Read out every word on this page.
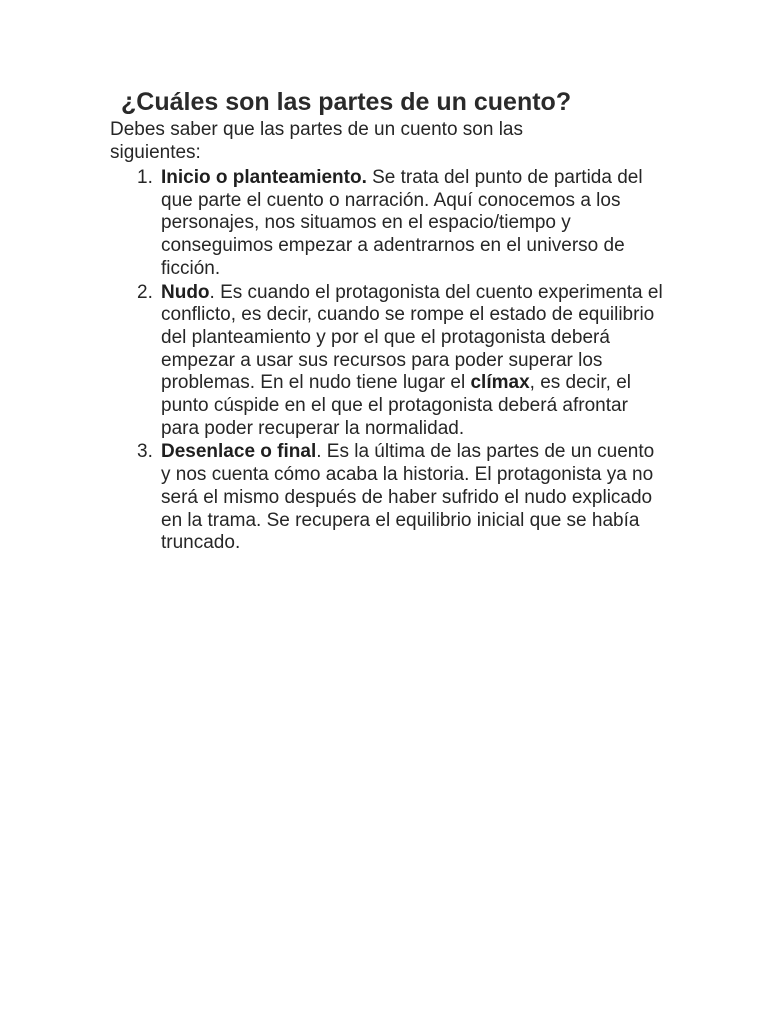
¿Cuáles son las partes de un cuento?

Debes saber que las partes de un cuento son las siguientes:

1. Inicio o planteamiento. Se trata del punto de partida del que parte el cuento o narración. Aquí conocemos a los personajes, nos situamos en el espacio/tiempo y conseguimos empezar a adentrarnos en el universo de ficción.
2. Nudo. Es cuando el protagonista del cuento experimenta el conflicto, es decir, cuando se rompe el estado de equilibrio del planteamiento y por el que el protagonista deberá empezar a usar sus recursos para poder superar los problemas. En el nudo tiene lugar el clímax, es decir, el punto cúspide en el que el protagonista deberá afrontar para poder recuperar la normalidad.
3. Desenlace o final. Es la última de las partes de un cuento y nos cuenta cómo acaba la historia. El protagonista ya no será el mismo después de haber sufrido el nudo explicado en la trama. Se recupera el equilibrio inicial que se había truncado.
